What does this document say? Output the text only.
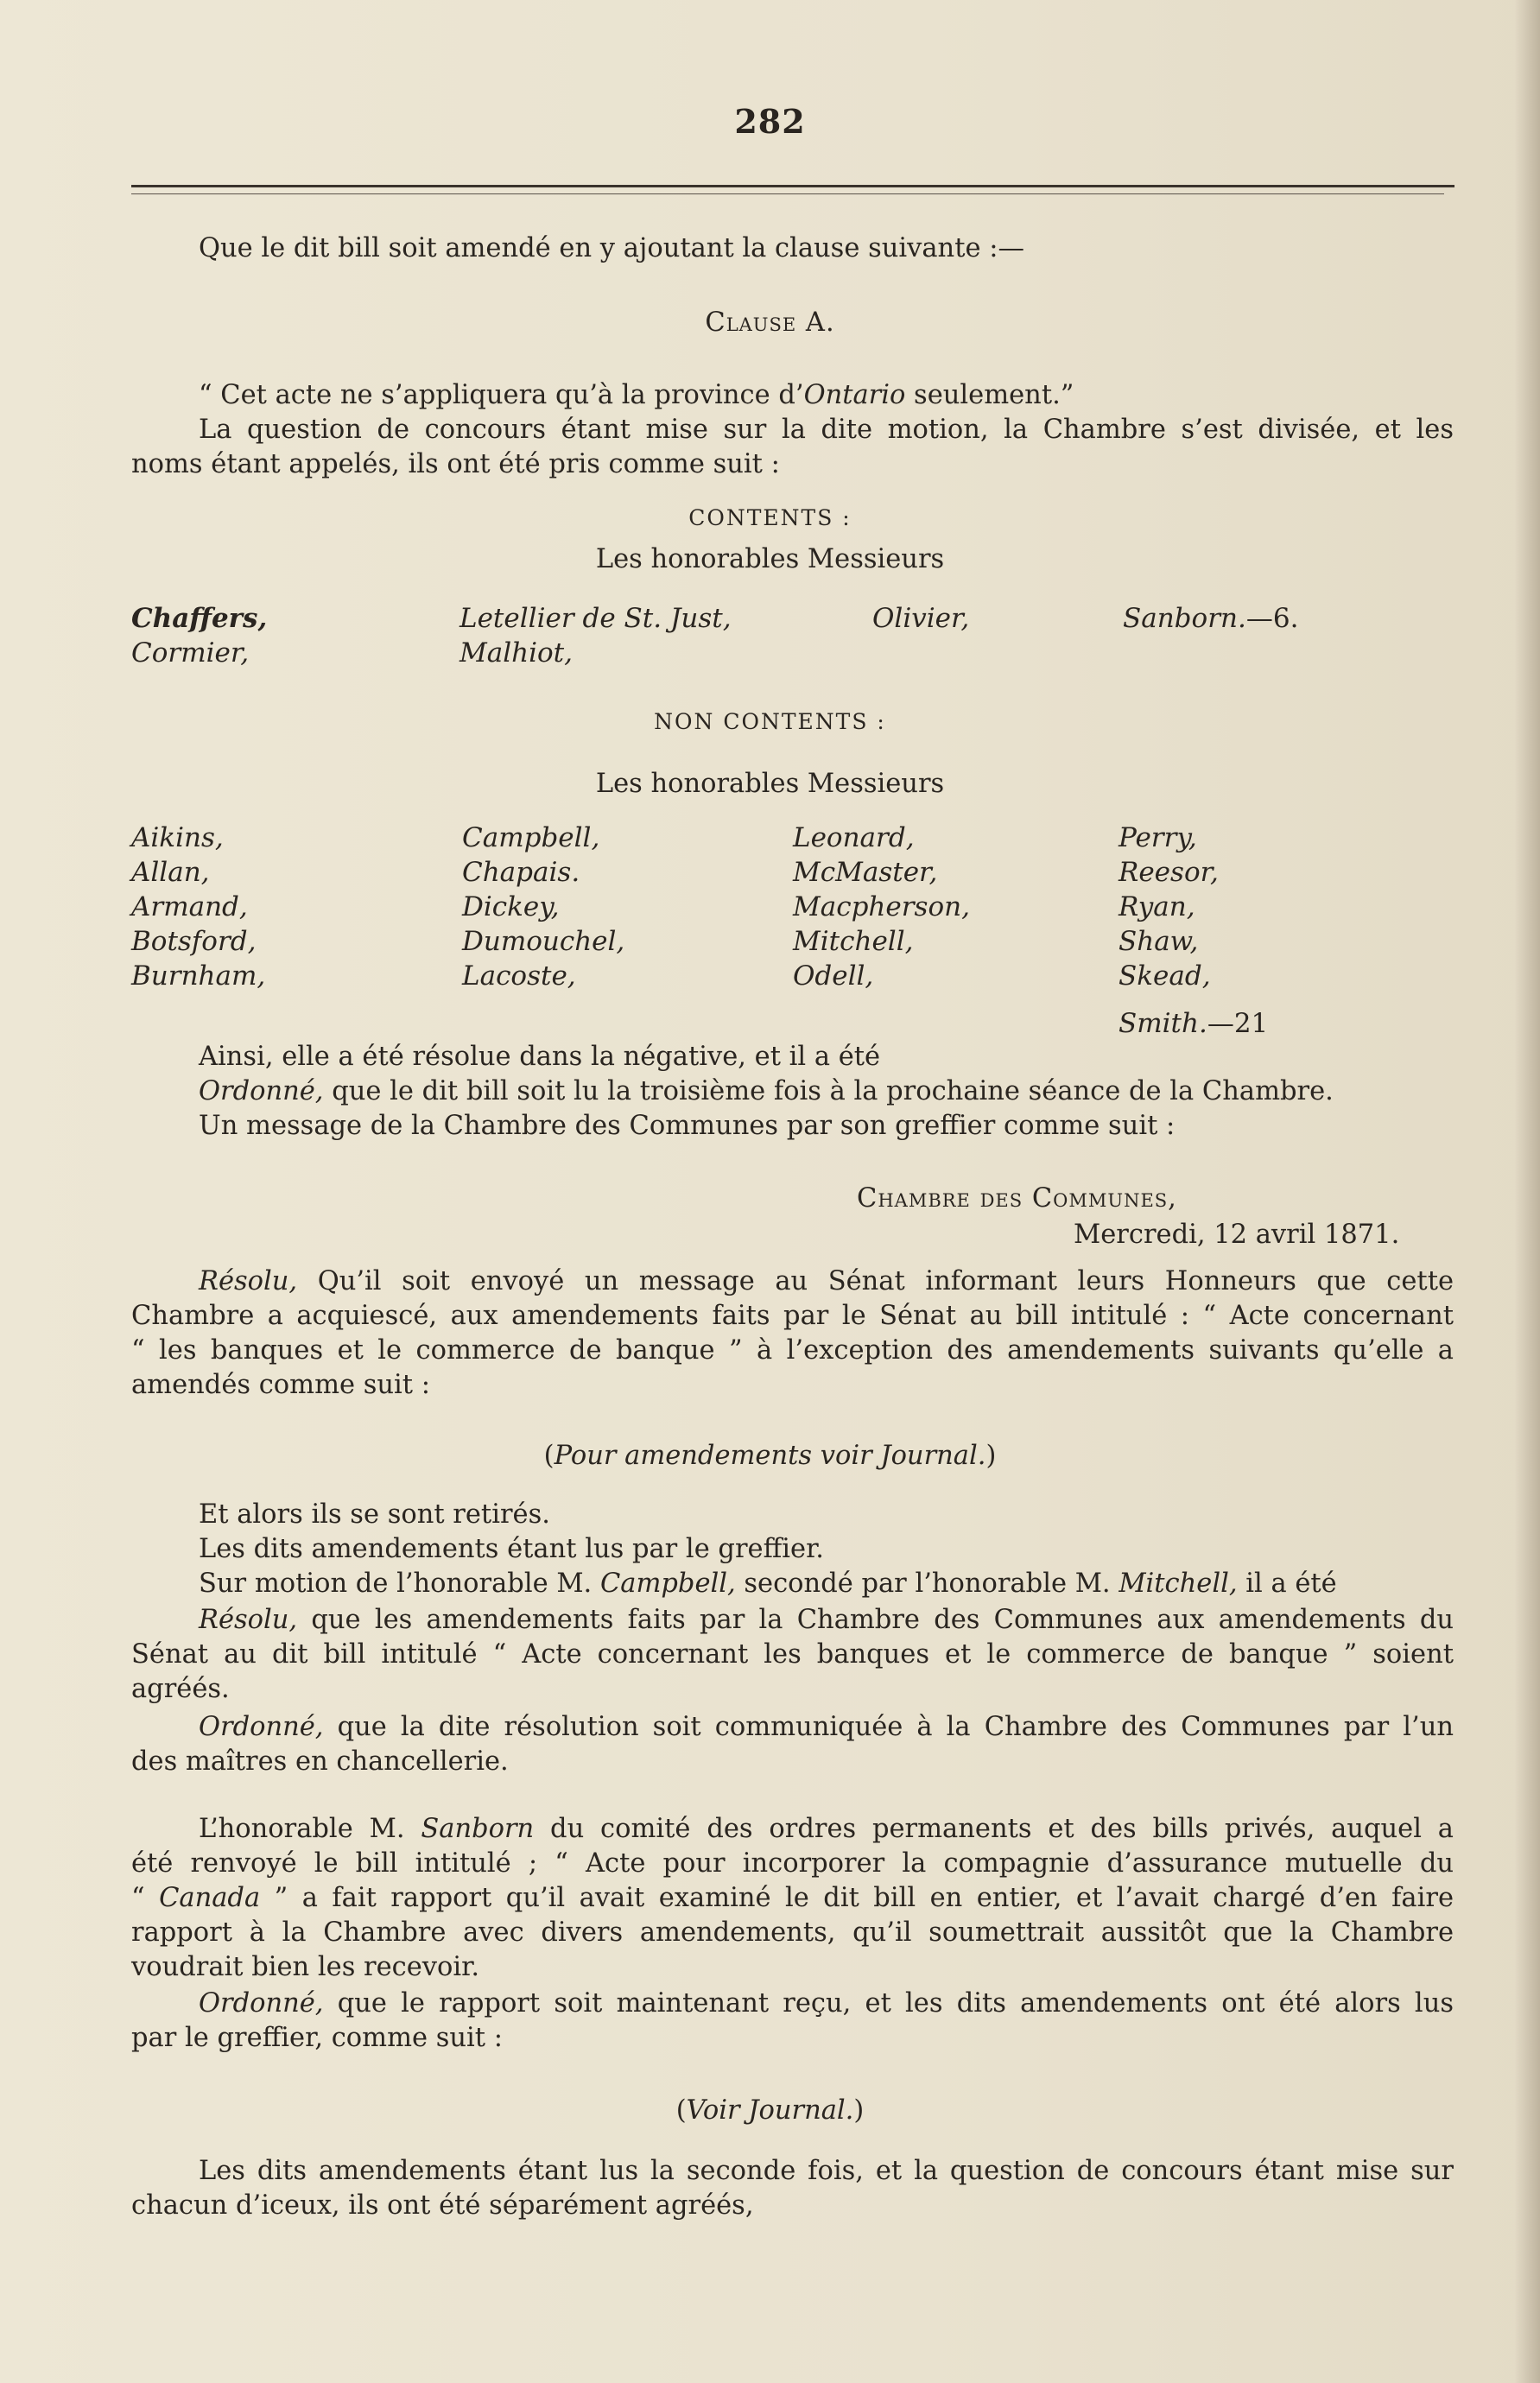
282
Que le dit bill soit amendé en y ajoutant la clause suivante :—
Clause A.
“ Cet acte ne s’appliquera qu’à la province d’Ontario seulement.”
La question de concours étant mise sur la dite motion, la Chambre s’est divisée, et les
noms étant appelés, ils ont été pris comme suit :
CONTENTS :
Les honorables Messieurs
Chaffers,
Cormier,
Letellier de St. Just,
Malhiot,
Olivier,	Sanborn.—6.
NON CONTENTS :
Les honorables Messieurs
Aikins,
Allan,
Armand,
Botsford,
Burnham,
Campbell,
Chapais.
Dickey,
Dumouchel,
Lacoste,
Leonard,
McMaster,
Macpherson,
Mitchell,
Odell,
Perry,
Reesor,
Ryan,
Shaw,
Skead,
Smith.—21
Ainsi, elle a été résolue dans la négative, et il a été
Ordonné, que le dit bill soit lu la troisième fois à la prochaine séance de la Chambre.
Un message de la Chambre des Communes par son greffier comme suit :
Chambre des Communes,
Mercredi, 12 avril 1871.
Résolu, Qu’il soit envoyé un message au Sénat informant leurs Honneurs que cette
Chambre a acquiescé, aux amendements faits par le Sénat au bill intitulé : “ Acte concernant
“ les banques et le commerce de banque ” à l’exception des amendements suivants qu’elle a
amendés comme suit :
(Pour amendements voir Journal.)
Et alors ils se sont retirés.
Les dits amendements étant lus par le greffier.
Sur motion de l’honorable M. Campbell, secondé par l’honorable M. Mitchell, il a été
Résolu, que les amendements faits par la Chambre des Communes aux amendements du
Sénat au dit bill intitulé “ Acte concernant les banques et le commerce de banque ” soient
agréés.
Ordonné, que la dite résolution soit communiquée à la Chambre des Communes par l’un
des maîtres en chancellerie.
L’honorable M. Sanborn du comité des ordres permanents et des bills privés, auquel a
été renvoyé le bill intitulé ; “ Acte pour incorporer la compagnie d’assurance mutuelle du
“ Canada ” a fait rapport qu’il avait examiné le dit bill en entier, et l’avait chargé d’en faire
rapport à la Chambre avec divers amendements, qu’il soumettrait aussitôt que la Chambre
voudrait bien les recevoir.
Ordonné, que le rapport soit maintenant reçu, et les dits amendements ont été alors lus
par le greffier, comme suit :
(Voir Journal.)
Les dits amendements étant lus la seconde fois, et la question de concours étant mise sur
chacun d’iceux, ils ont été séparément agréés,
